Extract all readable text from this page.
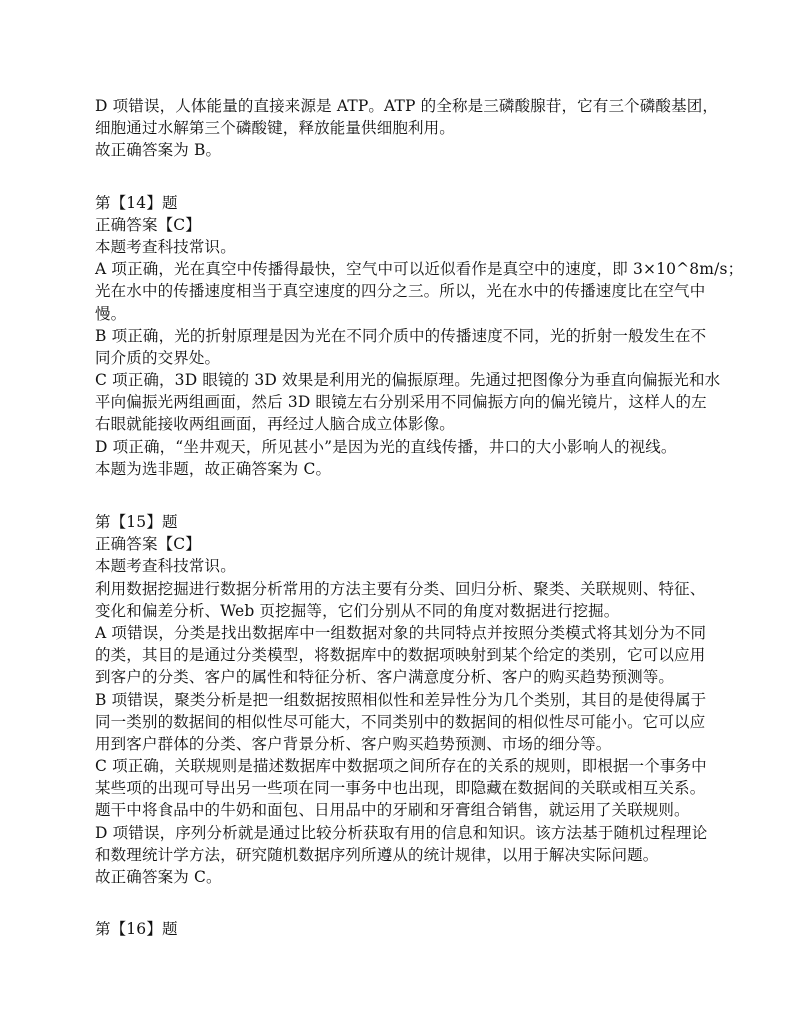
D 项错误，人体能量的直接来源是 ATP。ATP 的全称是三磷酸腺苷，它有三个磷酸基团，
细胞通过水解第三个磷酸键，释放能量供细胞利用。
故正确答案为 B。
第【14】题
正确答案【C】
本题考查科技常识。
A 项正确，光在真空中传播得最快，空气中可以近似看作是真空中的速度，即 3×10^8m/s；
光在水中的传播速度相当于真空速度的四分之三。所以，光在水中的传播速度比在空气中
慢。
B 项正确，光的折射原理是因为光在不同介质中的传播速度不同，光的折射一般发生在不
同介质的交界处。
C 项正确，3D 眼镜的 3D 效果是利用光的偏振原理。先通过把图像分为垂直向偏振光和水
平向偏振光两组画面，然后 3D 眼镜左右分别采用不同偏振方向的偏光镜片，这样人的左
右眼就能接收两组画面，再经过人脑合成立体影像。
D 项正确，“坐井观天，所见甚小”是因为光的直线传播，井口的大小影响人的视线。
本题为选非题，故正确答案为 C。
第【15】题
正确答案【C】
本题考查科技常识。
利用数据挖掘进行数据分析常用的方法主要有分类、回归分析、聚类、关联规则、特征、
变化和偏差分析、Web 页挖掘等，它们分别从不同的角度对数据进行挖掘。
A 项错误，分类是找出数据库中一组数据对象的共同特点并按照分类模式将其划分为不同
的类，其目的是通过分类模型，将数据库中的数据项映射到某个给定的类别，它可以应用
到客户的分类、客户的属性和特征分析、客户满意度分析、客户的购买趋势预测等。
B 项错误，聚类分析是把一组数据按照相似性和差异性分为几个类别，其目的是使得属于
同一类别的数据间的相似性尽可能大，不同类别中的数据间的相似性尽可能小。它可以应
用到客户群体的分类、客户背景分析、客户购买趋势预测、市场的细分等。
C 项正确，关联规则是描述数据库中数据项之间所存在的关系的规则，即根据一个事务中
某些项的出现可导出另一些项在同一事务中也出现，即隐藏在数据间的关联或相互关系。
题干中将食品中的牛奶和面包、日用品中的牙刷和牙膏组合销售，就运用了关联规则。
D 项错误，序列分析就是通过比较分析获取有用的信息和知识。该方法基于随机过程理论
和数理统计学方法，研究随机数据序列所遵从的统计规律，以用于解决实际问题。
故正确答案为 C。
第【16】题
